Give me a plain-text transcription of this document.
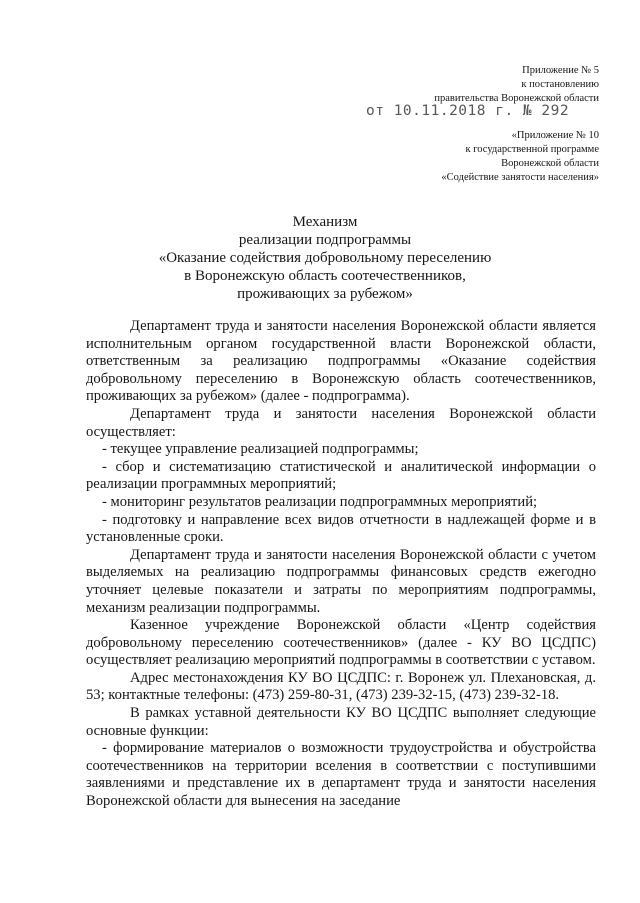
Приложение № 5
к постановлению
правительства Воронежской области
от 10.11.2018 г. № 292
«Приложение № 10
к государственной программе
Воронежской области
«Содействие занятости населения»
Механизм
реализации подпрограммы
«Оказание содействия добровольному переселению
в Воронежскую область соотечественников,
проживающих за рубежом»

Департамент труда и занятости населения Воронежской области является исполнительным органом государственной власти Воронежской области, ответственным за реализацию подпрограммы «Оказание содействия добровольному переселению в Воронежскую область соотечественников, проживающих за рубежом» (далее - подпрограмма).

Департамент труда и занятости населения Воронежской области осуществляет:

- текущее управление реализацией подпрограммы;

- сбор и систематизацию статистической и аналитической информации о реализации программных мероприятий;

- мониторинг результатов реализации подпрограммных мероприятий;

- подготовку и направление всех видов отчетности в надлежащей форме и в установленные сроки.

Департамент труда и занятости населения Воронежской области с учетом выделяемых на реализацию подпрограммы финансовых средств ежегодно уточняет целевые показатели и затраты по мероприятиям подпрограммы, механизм реализации подпрограммы.

Казенное учреждение Воронежской области «Центр содействия добровольному переселению соотечественников» (далее - КУ ВО ЦСДПС) осуществляет реализацию мероприятий подпрограммы в соответствии с уставом.

Адрес местонахождения КУ ВО ЦСДПС: г. Воронеж ул. Плехановская, д. 53; контактные телефоны: (473) 259-80-31, (473) 239-32-15, (473) 239-32-18.

В рамках уставной деятельности КУ ВО ЦСДПС выполняет следующие основные функции:

- формирование материалов о возможности трудоустройства и обустройства соотечественников на территории вселения в соответствии с поступившими заявлениями и представление их в департамент труда и занятости населения Воронежской области для вынесения на заседание
